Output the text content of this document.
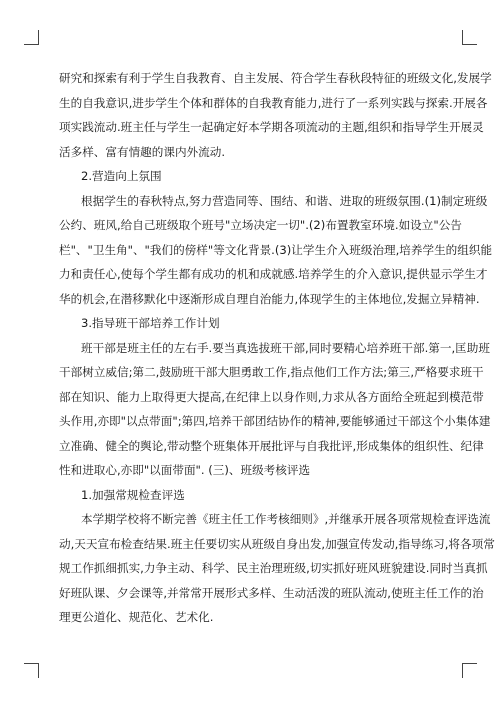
研究和探索有利于学生自我教育、自主发展、符合学生春秋段特征的班级文化,发展学
生的自我意识,进步学生个体和群体的自我教育能力,进行了一系列实践与探索.开展各
项实践流动.班主任与学生一起确定好本学期各项流动的主题,组织和指导学生开展灵
活多样、富有情趣的课内外流动.
2.营造向上氛围
根据学生的春秋特点,努力营造同等、围结、和谐、进取的班级氛围.(1)制定班级
公约、班风,给自己班级取个班号"立场决定一切".(2)布置教室环境.如设立"公告
栏"、"卫生角"、"我们的傍样"等文化背景.(3)让学生介入班级治理,培养学生的组织能
力和责任心,使每个学生都有成功的机和成就感.培养学生的介入意识,提供显示学生才
华的机会,在潜移默化中逐渐形成自理自治能力,体现学生的主体地位,发掘立异精神.
3.指导班干部培养工作计划
班干部是班主任的左右手.要当真选拔班干部,同时要精心培养班干部.第一,匡助班
干部树立威信;第二,鼓励班干部大胆勇敢工作,指点他们工作方法;第三,严格要求班干
部在知识、能力上取得更大提高,在纪律上以身作则,力求从各方面给全班起到模范带
头作用,亦即"以点带面";第四,培养干部团结协作的精神,要能够通过干部这个小集体建
立准确、健全的舆论,带动整个班集体开展批评与自我批评,形成集体的组织性、纪律
性和进取心,亦即"以面带面". (三)、班级考核评选
1.加强常规检查评选
本学期学校将不断完善《班主任工作考核细则》,并继承开展各项常规检查评选流
动,天天宣布检查结果.班主任要切实从班级自身出发,加强宣传发动,指导练习,将各项常
规工作抓细抓实,力争主动、科学、民主治理班级,切实抓好班风班貌建设.同时当真抓
好班队课、夕会课等,并常常开展形式多样、生动活泼的班队流动,使班主任工作的治
理更公道化、规范化、艺术化.
